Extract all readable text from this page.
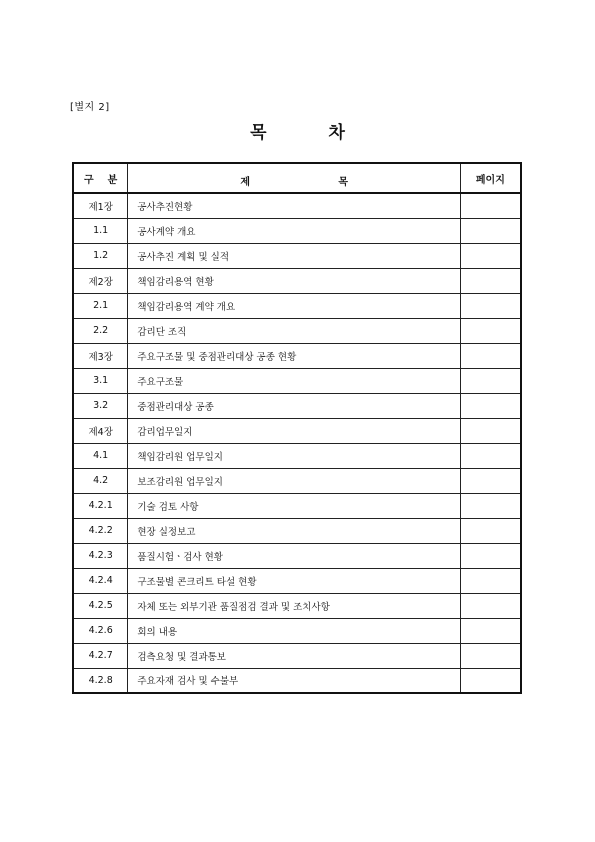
[별지 2]
목	차
구 분	제 목	페이지
제1장	공사추진현황	
1.1	공사계약 개요	
1.2	공사추진 계획 및 실적	
제2장	책임감리용역 현황	
2.1	책임감리용역 계약 개요	
2.2	감리단 조직	
제3장	주요구조물 및 중점관리대상 공종 현황	
3.1	주요구조물	
3.2	중점관리대상 공종	
제4장	감리업무일지	
4.1	책임감리원 업무일지	
4.2	보조감리원 업무일지	
4.2.1	기술 검토 사항	
4.2.2	현장 실정보고	
4.2.3	품질시험ㆍ검사 현황	
4.2.4	구조물별 콘크리트 타설 현황	
4.2.5	자체 또는 외부기관 품질점검 결과 및 조치사항	
4.2.6	회의 내용	
4.2.7	검측요청 및 결과통보	
4.2.8	주요자재 검사 및 수불부	
